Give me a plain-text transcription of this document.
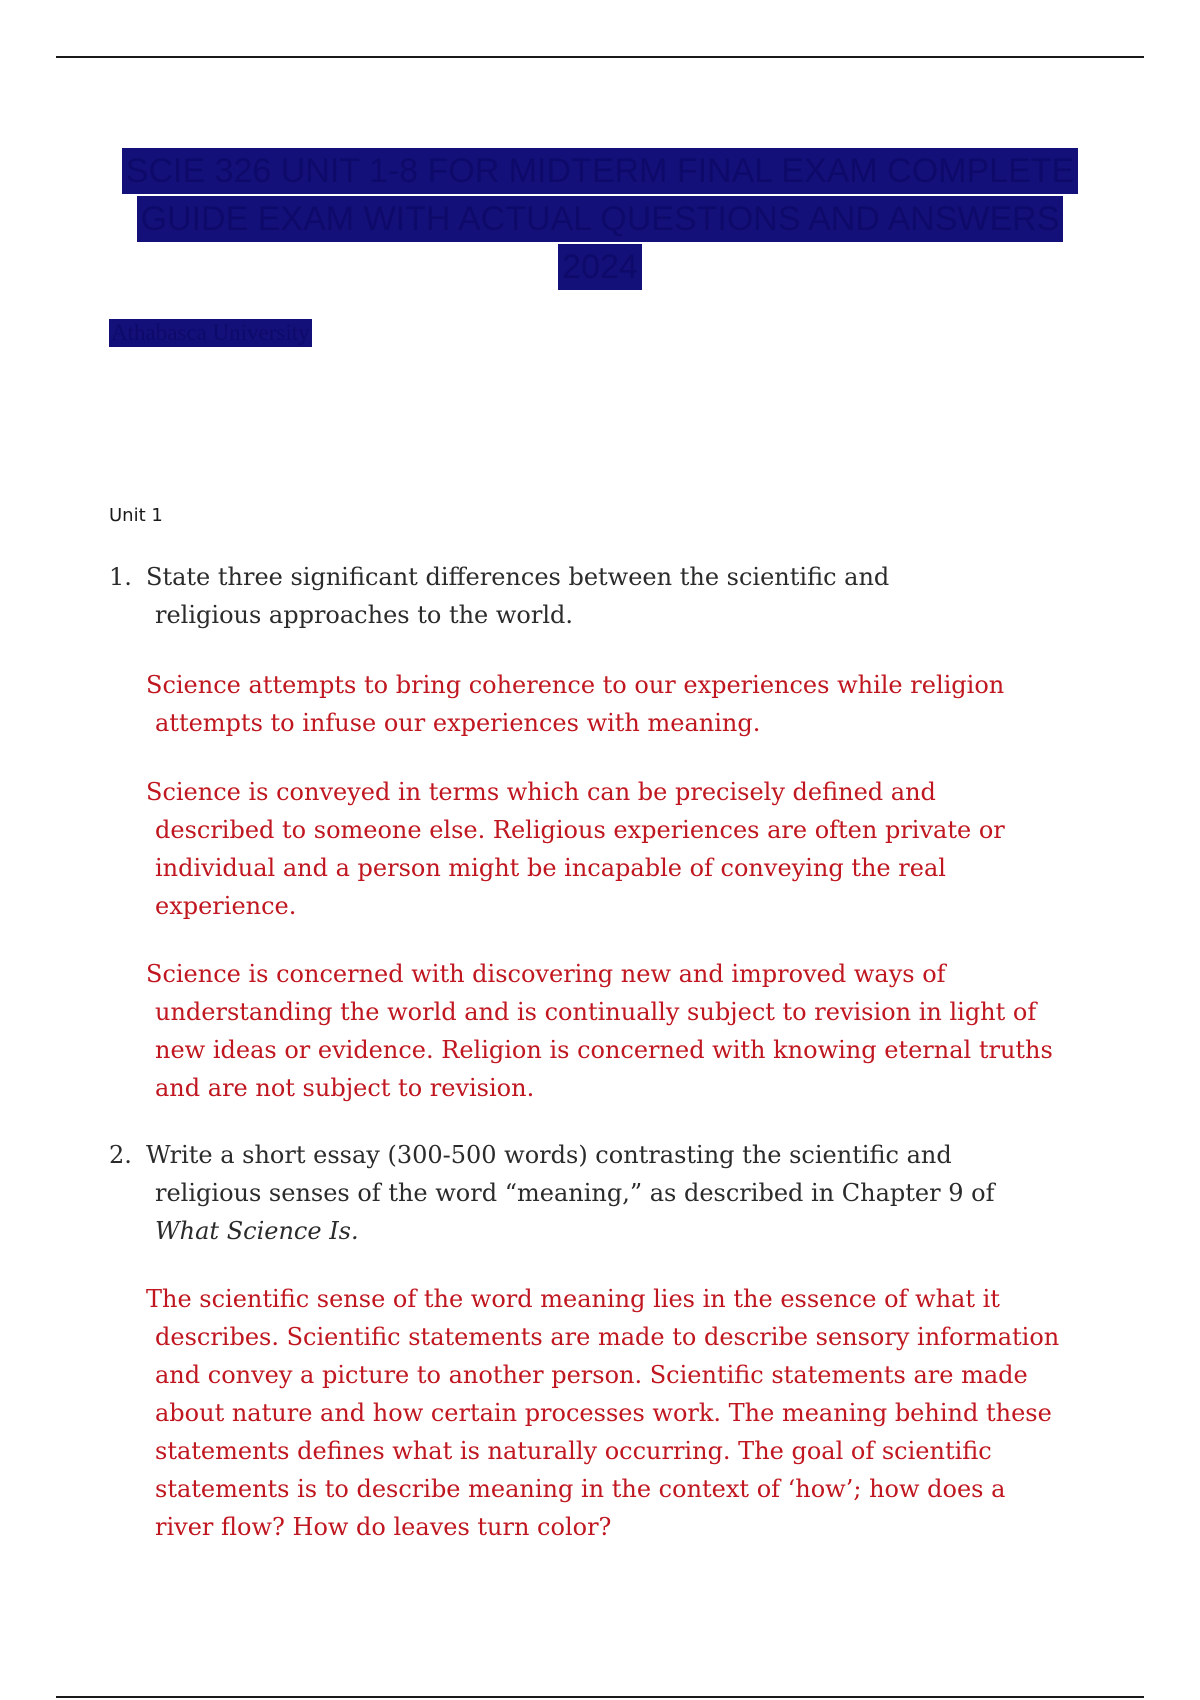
SCIE 326 UNIT 1-8 FOR MIDTERM FINAL EXAM COMPLETE
GUIDE EXAM WITH ACTUAL QUESTIONS AND ANSWERS
2024
Athabasca University
Unit 1
1. State three significant differences between the scientific and
religious approaches to the world.
Science attempts to bring coherence to our experiences while religion
attempts to infuse our experiences with meaning.
Science is conveyed in terms which can be precisely defined and
described to someone else. Religious experiences are often private or
individual and a person might be incapable of conveying the real
experience.
Science is concerned with discovering new and improved ways of
understanding the world and is continually subject to revision in light of
new ideas or evidence. Religion is concerned with knowing eternal truths
and are not subject to revision.
2. Write a short essay (300-500 words) contrasting the scientific and
religious senses of the word “meaning,” as described in Chapter 9 of
What Science Is.
The scientific sense of the word meaning lies in the essence of what it
describes. Scientific statements are made to describe sensory information
and convey a picture to another person. Scientific statements are made
about nature and how certain processes work. The meaning behind these
statements defines what is naturally occurring. The goal of scientific
statements is to describe meaning in the context of ‘how’; how does a
river flow? How do leaves turn color?
